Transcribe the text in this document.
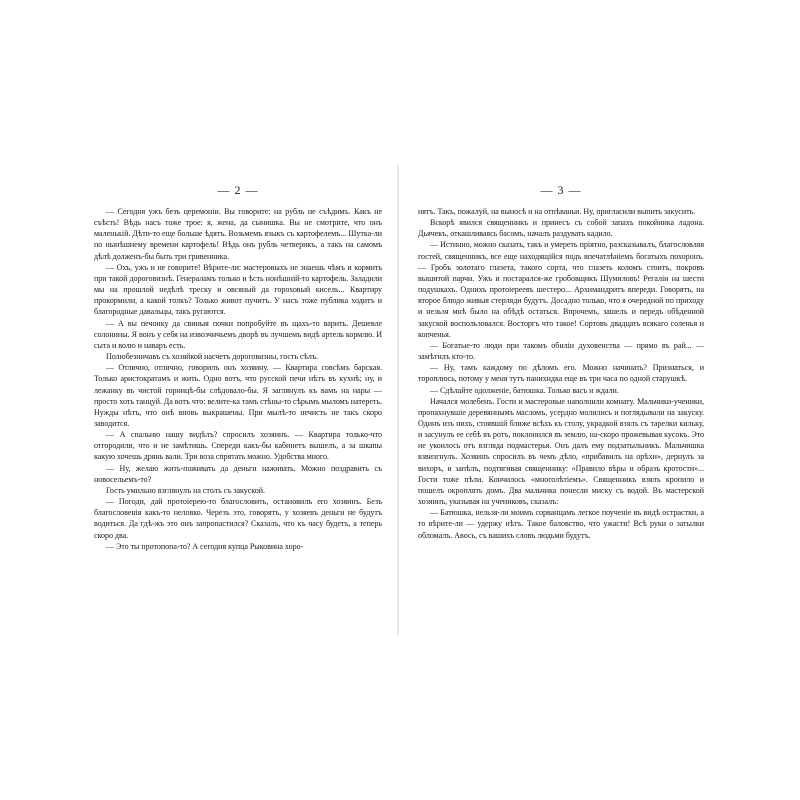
— 2 —

— Сегодня ужъ безъ церемоніи. Вы говорите: на рубль не съѣдимъ. Какъ не съѣсть! Вѣдь насъ тоже трое: я, жена, да сынишка. Вы не смотрите, что онъ маленькій. Дѣти-то еще больше ѣдятъ. Возьмемъ языкъ съ картофелемъ... Шутка-ли по нынѣшнему времени картофель! Вѣдь онъ рубль четверикъ, а такъ на самомъ дѣлѣ долженъ-бы быть три гривенника.

— Охъ, ужъ и не говорите! Вѣрите-ли: мастеровыхъ не знаешь чѣмъ и кормить при такой дороговизнѣ. Генераламъ только и ѣсть нонѣшній-то картофель. Заладили мы на прошлой недѣлѣ треску и овсяный да гороховый кисель... Квартиру прокормили, а какой толкъ? Только живот пучитъ. У насъ тоже публика ходитъ и благородные давальцы, такъ ругаются.

— А вы печонку да свиныя почки попробуйте въ щахъ-то варить. Дешевле солонины. Я вонъ у себя на извозчичьемъ дворѣ въ лучшемъ видѣ артель кормлю. И сыта и волю и наваръ есть.

Полюбезничавъ съ хозяйкой насчетъ дороговизны, гость сѣлъ.

— Отлично, отлично, говорилъ онъ хозяину. — Квартира совсѣмъ барская. Только аристократамъ и жить. Одно вотъ, что русской печи нѣтъ въ кухнѣ; ну, и лежанку въ чистой горницѣ-бы слѣдовало-бы. Я заглянулъ къ вамъ на нары — просто хоть танцуй. Да вотъ что: велите-ка тамъ стѣны-то сѣрымъ мыломъ натереть. Нужды нѣтъ, что онѣ вновь выкрашены. При мылѣ-то нечисть не такъ скоро заводится.

— А спальню нашу видѣлъ? спросилъ хозяинъ. — Квартира только-что отгородили, что и не замѣтишь. Спереди какъ-бы кабинетъ вышелъ, а за шкапы какую хочешь дрянь вали. Три воза спрятать можно. Удобства много.

— Ну, желаю жить-поживать да деньги наживать. Можно поздравить съ новосельемъ-то?

Гость умильно взглянулъ на столъ съ закуской.

— Погоди, дай протоіерею-то благословить, остановилъ его хозяинъ. Безъ благословенія какъ-то неловко. Черезъ это, говорятъ, у хозяевъ деньги не будутъ водиться. Да гдѣ-жъ это онъ запропастился? Сказалъ, что къ часу будетъ, а теперь скоро два.

— Это ты протопопа-то? А сегодня купца Рыковина хоро-

— 3 —

нятъ. Такъ, пожалуй, на выносѣ и на отпѣваньи. Ну, пригласили выпить закусить.

Вскорѣ явился священникъ и принесъ съ собой запахъ покойника ладона. Дьячекъ, откашливаясь басомъ, началъ раздувать кадило.

— Истинно, можно сказать, такъ и умереть пріятно, разсказывалъ, благословляя гостей, священникъ, все еще находящійся подъ впечатлѣніемъ богатыхъ похоронъ. — Гробъ золотаго глазета, такого сорта, что глазеть коломъ стоитъ, покровъ вышитой парчи. Ужъ и постарался-же гробовщикъ Шумиловъ! Регаліи на шести подушкахъ. Однихъ протоіереевъ шестеро... Архимандритъ впереди. Говорятъ, на второе блюдо живыя стерляди будутъ. Досадно только, что я очередной по приходу и нельзя мнѣ было на обѣдѣ остаться. Впрочемъ, зашелъ и передъ обѣденной закуской воспользовался. Восторгъ что такое! Сортовъ двадцать всякаго соленья и копченья.

— Богатые-то люди при такомъ обиліи духовенства — прямо въ рай... — замѣтилъ кто-то.

— Ну, тамъ каждому по дѣломъ его. Можно начинать? Признаться, и тороплюсь, потому у меня тутъ панихидка еще въ три часа по одной старушкѣ.

— Сдѣлайте одолженіе, батюшка. Только васъ и ждали.

Начался молебенъ. Гости и мастеровые наполнили комнату. Мальчики-ученики, пропахнувшіе деревяннымъ масломъ, усердно молились и поглядывали на закуску. Одинъ изъ нихъ, стоявшій ближе всѣхъ къ столу, украдкой взялъ съ тарелки кильку, и засунулъ ее себѣ въ ротъ, поклонился въ землю, на-скоро прожевывая кусокъ. Это не укоилось отъ взгляда подмастерья. Онъ далъ ему подзатыльникъ. Мальчишка взвизгнулъ. Хозяинъ спросилъ въ чемъ дѣло, «прибавилъ на орѣхи», дернулъ за вихоръ, и запѣлъ, подтягивая священнику: «Правило вѣры и образъ кротости»... Гости тоже пѣли. Кончилось «многолѣтіемъ». Священникъ взялъ кропило и пошелъ окроплять домъ. Два мальчика понесли миску съ водой. Въ мастерской хозяинъ, указывая на учениковъ, сказалъ:

— Батюшка, нельзя-ли моимъ сорванцамъ легкое поученіе въ видѣ острастки, а то вѣрите-ли — удержу нѣтъ. Такое баловство, что ужасти! Всѣ руки о затылки обломалъ. Авось, съ вашихъ словъ людьми будутъ.
